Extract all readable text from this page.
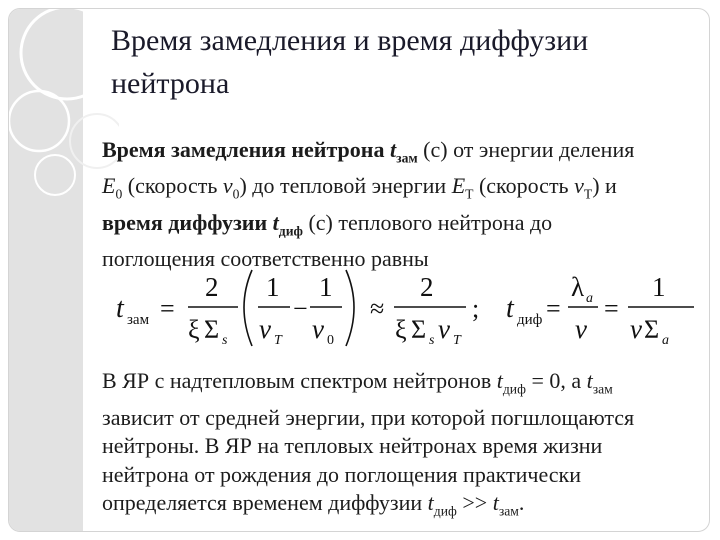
Время замедления и время диффузии
нейтрона
Время замедления нейтрона $t_{зам}$ (с) от энергии деления
$E_0$ (скорость $v_0$) до тепловой энергии $E_T$ (скорость $v_T$) и
время диффузии $t_{диф}$ (с) теплового нейтрона до
поглощения соответственно равны
t зам =
2
ξ Σ s
1
v T
−
1
v 0
≈
2
ξ Σ s v T
; t диф =
λ a
v
=
1
v Σ a
В ЯР с надтепловым спектром нейтронов $t_{диф} = 0$, а $t_{зам}$
зависит от средней энергии, при которой погшлощаются
нейтроны. В ЯР на тепловых нейтронах время жизни
нейтрона от рождения до поглощения практически
определяется временем диффузии $t_{диф} >> t_{зам}$.
